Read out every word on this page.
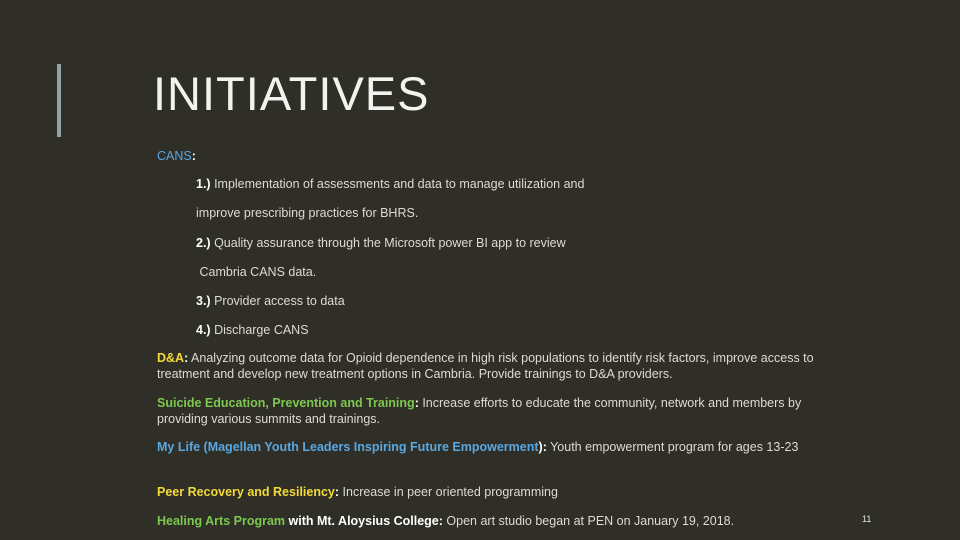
INITIATIVES
CANS:
1.) Implementation of assessments and data to manage utilization and
improve prescribing practices for BHRS.
2.) Quality assurance through the Microsoft power BI app to review
Cambria CANS data.
3.) Provider access to data
4.) Discharge CANS
D&A: Analyzing outcome data for Opioid dependence in high risk populations to identify risk factors, improve access to treatment and develop new treatment options in Cambria. Provide trainings to D&A providers.
Suicide Education, Prevention and Training: Increase efforts to educate the community, network and members by providing various summits and trainings.
My Life (Magellan Youth Leaders Inspiring Future Empowerment): Youth empowerment program for ages 13-23
Peer Recovery and Resiliency: Increase in peer oriented programming
Healing Arts Program with Mt. Aloysius College: Open art studio began at PEN on January 19, 2018.	11
